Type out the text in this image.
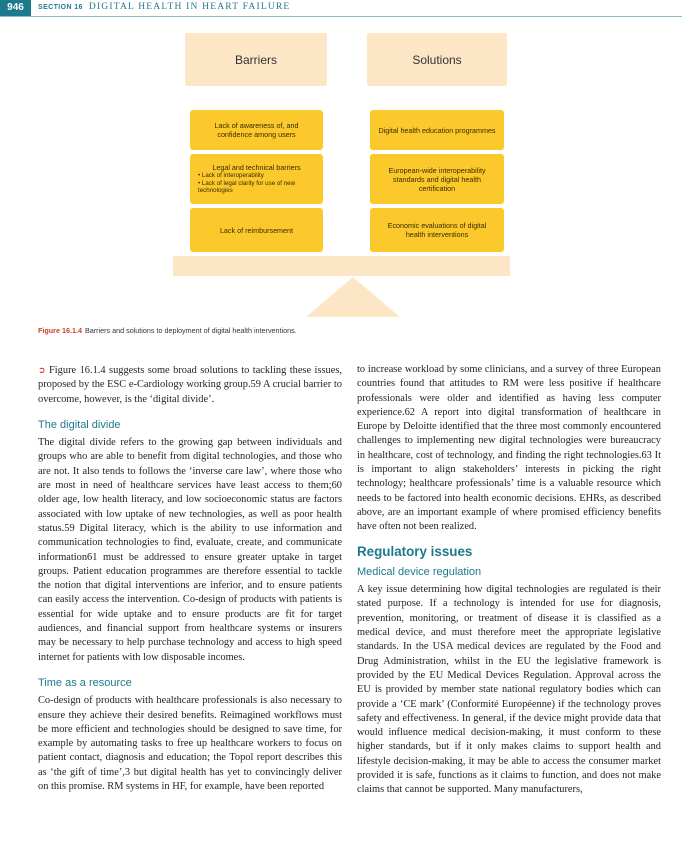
946	SECTION 16 DIGITAL HEALTH IN HEART FAILURE
Barriers	Solutions
Lack of awareness of, and confidence among users
Legal and technical barriers
• Lack of interoperability
• Lack of legal clarity for use of new technologies
Lack of reimbursement
Digital health education programmes
European-wide interoperability standards and digital health certification
Economic evaluations of digital health interventions
Figure 16.1.4 Barriers and solutions to deployment of digital health interventions.

➲ Figure 16.1.4 suggests some broad solutions to tackling these issues, proposed by the ESC e-Cardiology working group.59 A crucial barrier to overcome, however, is the ‘digital divide’.

The digital divide

The digital divide refers to the growing gap between individuals and groups who are able to benefit from digital technologies, and those who are not. It also tends to follows the ‘inverse care law’, where those who are most in need of healthcare services have least access to them;60 older age, low health literacy, and low socioeconomic status are factors associated with low uptake of new technologies, as well as poor health status.59 Digital literacy, which is the ability to use information and communication technologies to find, evaluate, create, and communicate information61 must be addressed to ensure greater uptake in target groups. Patient education programmes are therefore essential to tackle the notion that digital interventions are inferior, and to ensure patients can easily access the intervention. Co-design of products with patients is essential for wide uptake and to ensure products are fit for target audiences, and financial support from healthcare systems or insurers may be necessary to help purchase technology and access to high speed internet for patients with low disposable incomes.

Time as a resource

Co-design of products with healthcare professionals is also necessary to ensure they achieve their desired benefits. Reimagined workflows must be more efficient and technologies should be designed to save time, for example by automating tasks to free up healthcare workers to focus on patient contact, diagnosis and education; the Topol report describes this as ‘the gift of time’,3 but digital health has yet to convincingly deliver on this promise. RM systems in HF, for example, have been reported

to increase workload by some clinicians, and a survey of three European countries found that attitudes to RM were less positive if healthcare professionals were older and identified as having less computer experience.62 A report into digital transformation of healthcare in Europe by Deloitte identified that the three most commonly encountered challenges to implementing new digital technologies were bureaucracy in healthcare, cost of technology, and finding the right technologies.63 It is important to align stakeholders’ interests in picking the right technology; healthcare professionals’ time is a valuable resource which needs to be factored into health economic decisions. EHRs, as described above, are an important example of where promised efficiency benefits have often not been realized.

Regulatory issues
Medical device regulation

A key issue determining how digital technologies are regulated is their stated purpose. If a technology is intended for use for diagnosis, prevention, monitoring, or treatment of disease it is classified as a medical device, and must therefore meet the appropriate legislative standards. In the USA medical devices are regulated by the Food and Drug Administration, whilst in the EU the legislative framework is provided by the EU Medical Devices Regulation. Approval across the EU is provided by member state national regulatory bodies which can provide a ‘CE mark’ (Conformité Européenne) if the technology proves safety and effectiveness. In general, if the device might provide data that would influence medical decision-making, it must conform to these higher standards, but if it only makes claims to support health and lifestyle decision-making, it may be able to access the consumer market provided it is safe, functions as it claims to function, and does not make claims that cannot be supported. Many manufacturers,
